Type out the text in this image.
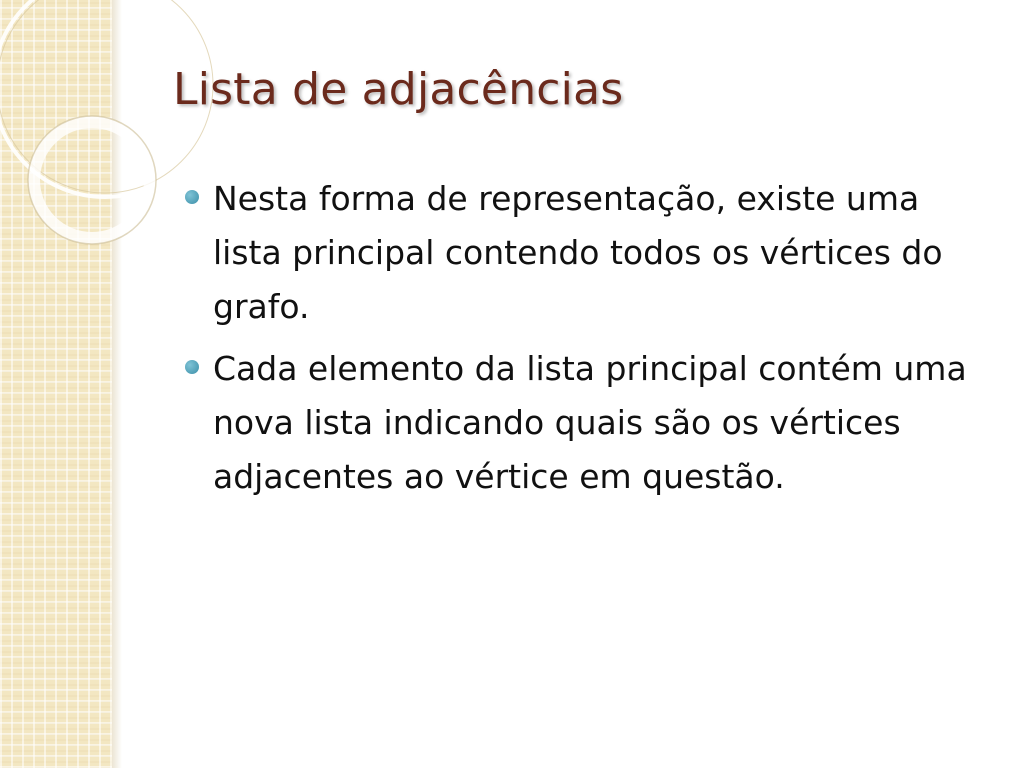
Lista de adjacências
Nesta forma de representação, existe uma lista principal contendo todos os vértices do grafo.
Cada elemento da lista principal contém uma nova lista indicando quais são os vértices adjacentes ao vértice em questão.
